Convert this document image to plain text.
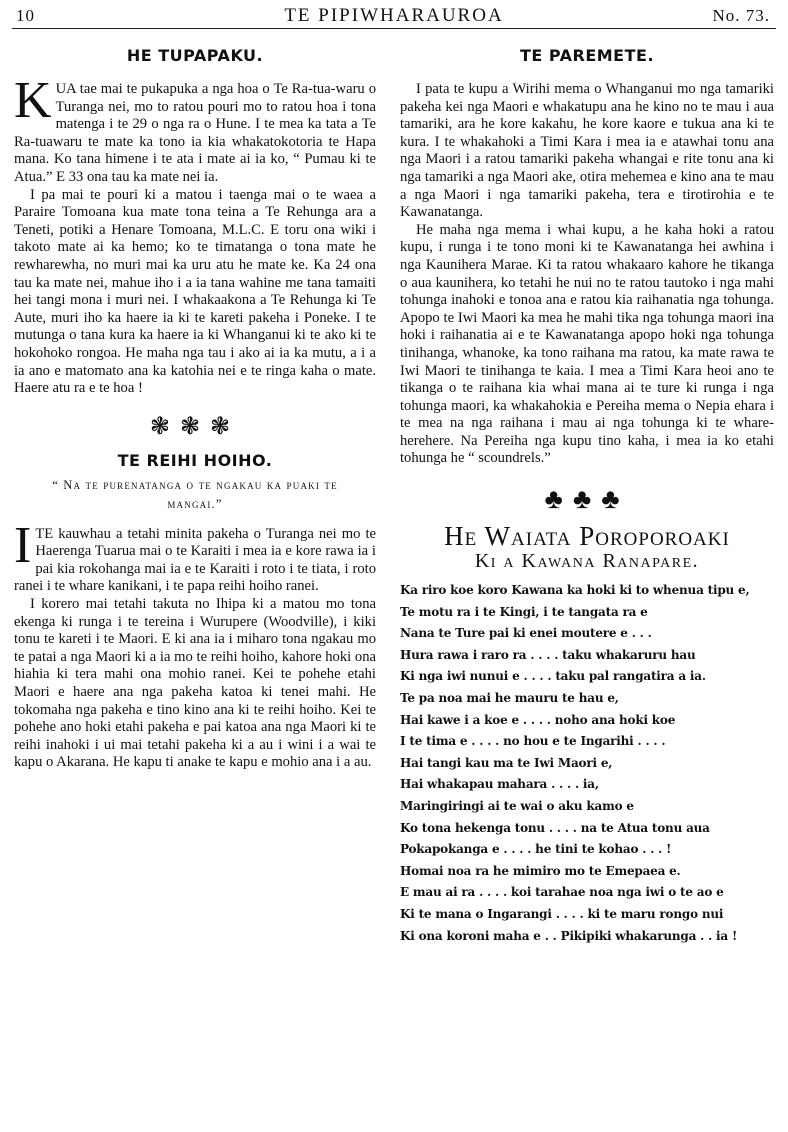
10	TE PIPIWHARAUROA	No. 73.
HE TUPAPAKU.

KUA tae mai te pukapuka a nga hoa o Te Ra-tua-waru o Turanga nei, mo to ratou pouri mo to ratou hoa i tona matenga i te 29 o nga ra o Hune. I te mea ka tata a Te Ra-tuawaru te mate ka tono ia kia whakatokotoria te Hapa mana. Ko tana himene i te ata i mate ai ia ko, “ Pumau ki te Atua.” E 33 ona tau ka mate nei ia.

I pa mai te pouri ki a matou i taenga mai o te waea a Paraire Tomoana kua mate tona teina a Te Rehunga ara a Teneti, potiki a Henare Tomoana, M.L.C. E toru ona wiki i takoto mate ai ka hemo; ko te timatanga o tona mate he rewharewha, no muri mai ka uru atu he mate ke. Ka 24 ona tau ka mate nei, mahue iho i a ia tana wahine me tana tamaiti hei tangi mona i muri nei. I whakaakona a Te Rehunga ki Te Aute, muri iho ka haere ia ki te kareti pakeha i Poneke. I te mutunga o tana kura ka haere ia ki Whanganui ki te ako ki te hokohoko rongoa. He maha nga tau i ako ai ia ka mutu, a i a ia ano e matomato ana ka katohia nei e te ringa kaha o mate. Haere atu ra e te hoa !

❃❃❃
TE REIHI HOIHO.
“ Na te purenatanga o te ngakau ka puaki te mangai.”

ITE kauwhau a tetahi minita pakeha o Turanga nei mo te Haerenga Tuarua mai o te Karaiti i mea ia e kore rawa ia i pai kia rokohanga mai ia e te Karaiti i roto i te tiata, i roto ranei i te whare kanikani, i te papa reihi hoiho ranei.

I korero mai tetahi takuta no Ihipa ki a matou mo tona ekenga ki runga i te tereina i Wurupere (Woodville), i kiki tonu te kareti i te Maori. E ki ana ia i miharo tona ngakau mo te patai a nga Maori ki a ia mo te reihi hoiho, kahore hoki ona hiahia ki tera mahi ona mohio ranei. Kei te pohehe etahi Maori e haere ana nga pakeha katoa ki tenei mahi. He tokomaha nga pakeha e tino kino ana ki te reihi hoiho. Kei te pohehe ano hoki etahi pakeha e pai katoa ana nga Maori ki te reihi inahoki i ui mai tetahi pakeha ki a au i wini i a wai te kapu o Akarana. He kapu ti anake te kapu e mohio ana i a au.

TE PAREMETE.

I pata te kupu a Wirihi mema o Whanganui mo nga tamariki pakeha kei nga Maori e whakatupu ana he kino no te mau i aua tamariki, ara he kore kakahu, he kore kaore e tukua ana ki te kura. I te whakahoki a Timi Kara i mea ia e atawhai tonu ana nga Maori i a ratou tamariki pakeha whangai e rite tonu ana ki nga tamariki a nga Maori ake, otira mehemea e kino ana te mau a nga Maori i nga tamariki pakeha, tera e tirotirohia e te Kawanatanga.

He maha nga mema i whai kupu, a he kaha hoki a ratou kupu, i runga i te tono moni ki te Kawanatanga hei awhina i nga Kaunihera Marae. Ki ta ratou whakaaro kahore he tikanga o aua kaunihera, ko tetahi he nui no te ratou tautoko i nga mahi tohunga inahoki e tonoa ana e ratou kia raihanatia nga tohunga. Apopo te Iwi Maori ka mea he mahi tika nga tohunga maori ina hoki i raihanatia ai e te Kawanatanga apopo hoki nga tohunga tinihanga, whanoke, ka tono raihana ma ratou, ka mate rawa te Iwi Maori te tinihanga te kaia. I mea a Timi Kara heoi ano te tikanga o te raihana kia whai mana ai te ture ki runga i nga tohunga maori, ka whakahokia e Pereiha mema o Nepia ehara i te mea na nga raihana i mau ai nga tohunga ki te whare-herehere. Na Pereiha nga kupu tino kaha, i mea ia ko etahi tohunga he “ scoundrels.”

♣♣♣
He Waiata Poroporoaki
Ki a Kawana Ranapare.
Ka riro koe koro Kawana ka hoki ki to whenua tipu e,
Te motu ra i te Kingi, i te tangata ra e
Nana te Ture pai ki enei moutere e . . .
Hura rawa i raro ra . . . . taku whakaruru hau
Ki nga iwi nunui e . . . . taku pal rangatira a ia.
Te pa noa mai he mauru te hau e,
Hai kawe i a koe e . . . . noho ana hoki koe
I te tima e . . . . no hou e te Ingarihi . . . .
Hai tangi kau ma te Iwi Maori e,
Hai whakapau mahara . . . . ia,
Maringiringi ai te wai o aku kamo e
Ko tona hekenga tonu . . . . na te Atua tonu aua
Pokapokanga e . . . . he tini te kohao . . . !
Homai noa ra he mimiro mo te Emepaea e.
E mau ai ra . . . . koi tarahae noa nga iwi o te ao e
Ki te mana o Ingarangi . . . . ki te maru rongo nui
Ki ona koroni maha e . . Pikipiki whakarunga . . ia !
